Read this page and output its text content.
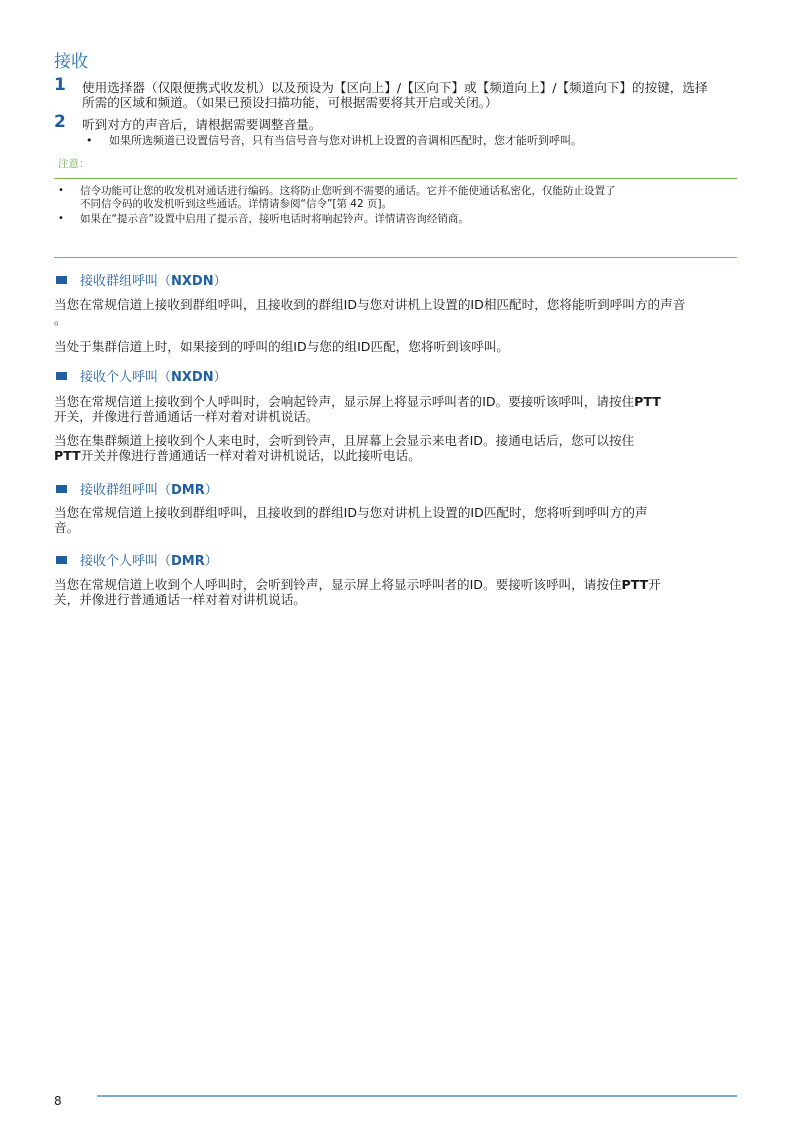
接收
1 使用选择器（仅限便携式收发机）以及预设为【区向上】/【区向下】或【频道向上】/【频道向下】的按键，选择
所需的区域和频道。（如果已预设扫描功能，可根据需要将其开启或关闭。）
2 听到对方的声音后，请根据需要调整音量。
• 如果所选频道已设置信号音，只有当信号音与您对讲机上设置的音调相匹配时，您才能听到呼叫。
注意：
• 信令功能可让您的收发机对通话进行编码。这将防止您听到不需要的通话。它并不能使通话私密化，仅能防止设置了
不同信令码的收发机听到这些通话。详情请参阅“信令”[第 42 页]。
• 如果在“提示音”设置中启用了提示音，接听电话时将响起铃声。详情请咨询经销商。
接收群组呼叫（NXDN）
当您在常规信道上接收到群组呼叫，且接收到的群组ID与您对讲机上设置的ID相匹配时，您将能听到呼叫方的声音
。
当处于集群信道上时，如果接到的呼叫的组ID与您的组ID匹配，您将听到该呼叫。
接收个人呼叫（NXDN）
当您在常规信道上接收到个人呼叫时，会响起铃声，显示屏上将显示呼叫者的ID。要接听该呼叫，请按住PTT
开关，并像进行普通通话一样对着对讲机说话。
当您在集群频道上接收到个人来电时，会听到铃声，且屏幕上会显示来电者ID。接通电话后，您可以按住
PTT开关并像进行普通通话一样对着对讲机说话，以此接听电话。
接收群组呼叫（DMR）
当您在常规信道上接收到群组呼叫，且接收到的群组ID与您对讲机上设置的ID匹配时，您将听到呼叫方的声
音。
接收个人呼叫（DMR）
当您在常规信道上收到个人呼叫时，会听到铃声，显示屏上将显示呼叫者的ID。要接听该呼叫，请按住PTT开
关，并像进行普通通话一样对着对讲机说话。
8
